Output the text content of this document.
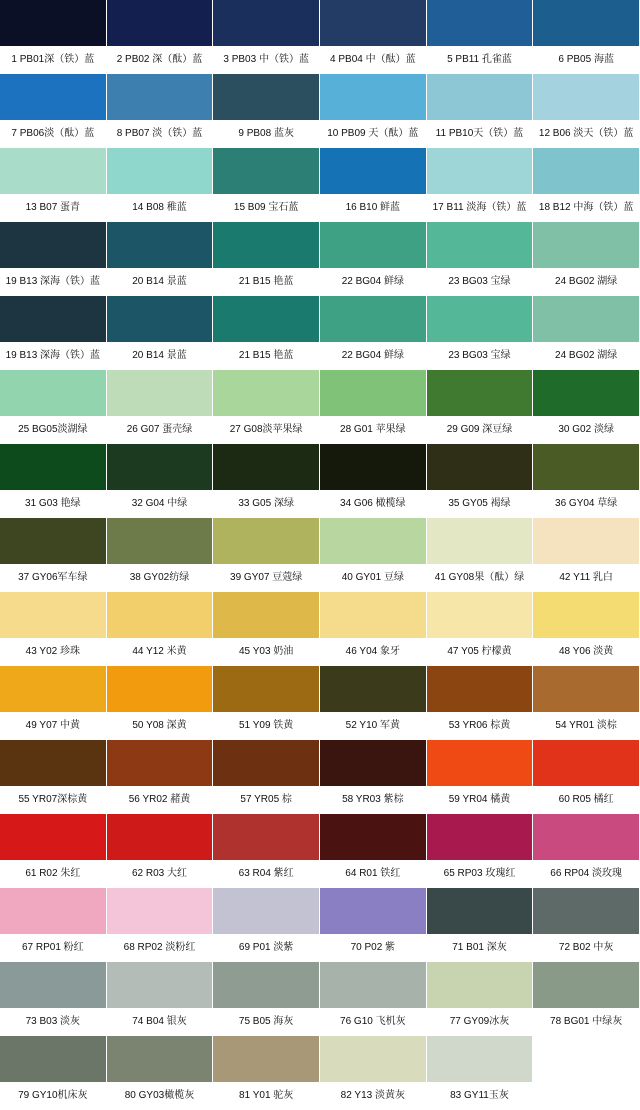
1 PB01深（铁）蓝	2 PB02 深（酞）蓝	3 PB03 中（铁）蓝	4 PB04 中（酞）蓝	5 PB11 孔雀蓝	6 PB05 海蓝
7 PB06淡（酞）蓝	8 PB07 淡（铁）蓝	9 PB08 蓝灰	10 PB09 天（酞）蓝	11 PB10天（铁）蓝	12 B06 淡天（铁）蓝
13 B07 蛋青	14 B08 稚蓝	15 B09 宝石蓝	16 B10 鲜蓝	17 B11 淡海（铁）蓝	18 B12 中海（铁）蓝
19 B13 深海（铁）蓝	20 B14 景蓝	21 B15 艳蓝	22 BG04 鲜绿	23 BG03 宝绿	24 BG02 湖绿
19 B13 深海（铁）蓝	20 B14 景蓝	21 B15 艳蓝	22 BG04 鲜绿	23 BG03 宝绿	24 BG02 湖绿
25 BG05淡湖绿	26 G07 蛋壳绿	27 G08淡苹果绿	28 G01 苹果绿	29 G09 深豆绿	30 G02 淡绿
31 G03 艳绿	32 G04 中绿	33 G05 深绿	34 G06 橄榄绿	35 GY05 褐绿	36 GY04 草绿
37 GY06军车绿	38 GY02纺绿	39 GY07 豆蔻绿	40 GY01 豆绿	41 GY08果（酞）绿	42 Y11 乳白
43 Y02 珍珠	44 Y12 米黄	45 Y03 奶油	46 Y04 象牙	47 Y05 柠檬黄	48 Y06 淡黄
49 Y07 中黄	50 Y08 深黄	51 Y09 铁黄	52 Y10 军黄	53 YR06 棕黄	54 YR01 淡棕
55 YR07深棕黄	56 YR02 赭黄	57 YR05 棕	58 YR03 紫棕	59 YR04 橘黄	60 R05 橘红
61 R02 朱红	62 R03 大红	63 R04 紫红	64 R01 铁红	65 RP03 玫瑰红	66 RP04 淡玫瑰
67 RP01 粉红	68 RP02 淡粉红	69 P01 淡紫	70 P02 紫	71 B01 深灰	72 B02 中灰
73 B03 淡灰	74 B04 银灰	75 B05 海灰	76 G10 飞机灰	77 GY09冰灰	78 BG01 中绿灰
79 GY10机床灰	80 GY03橄榄灰	81 Y01 驼灰	82 Y13 淡黄灰	83 GY11玉灰
